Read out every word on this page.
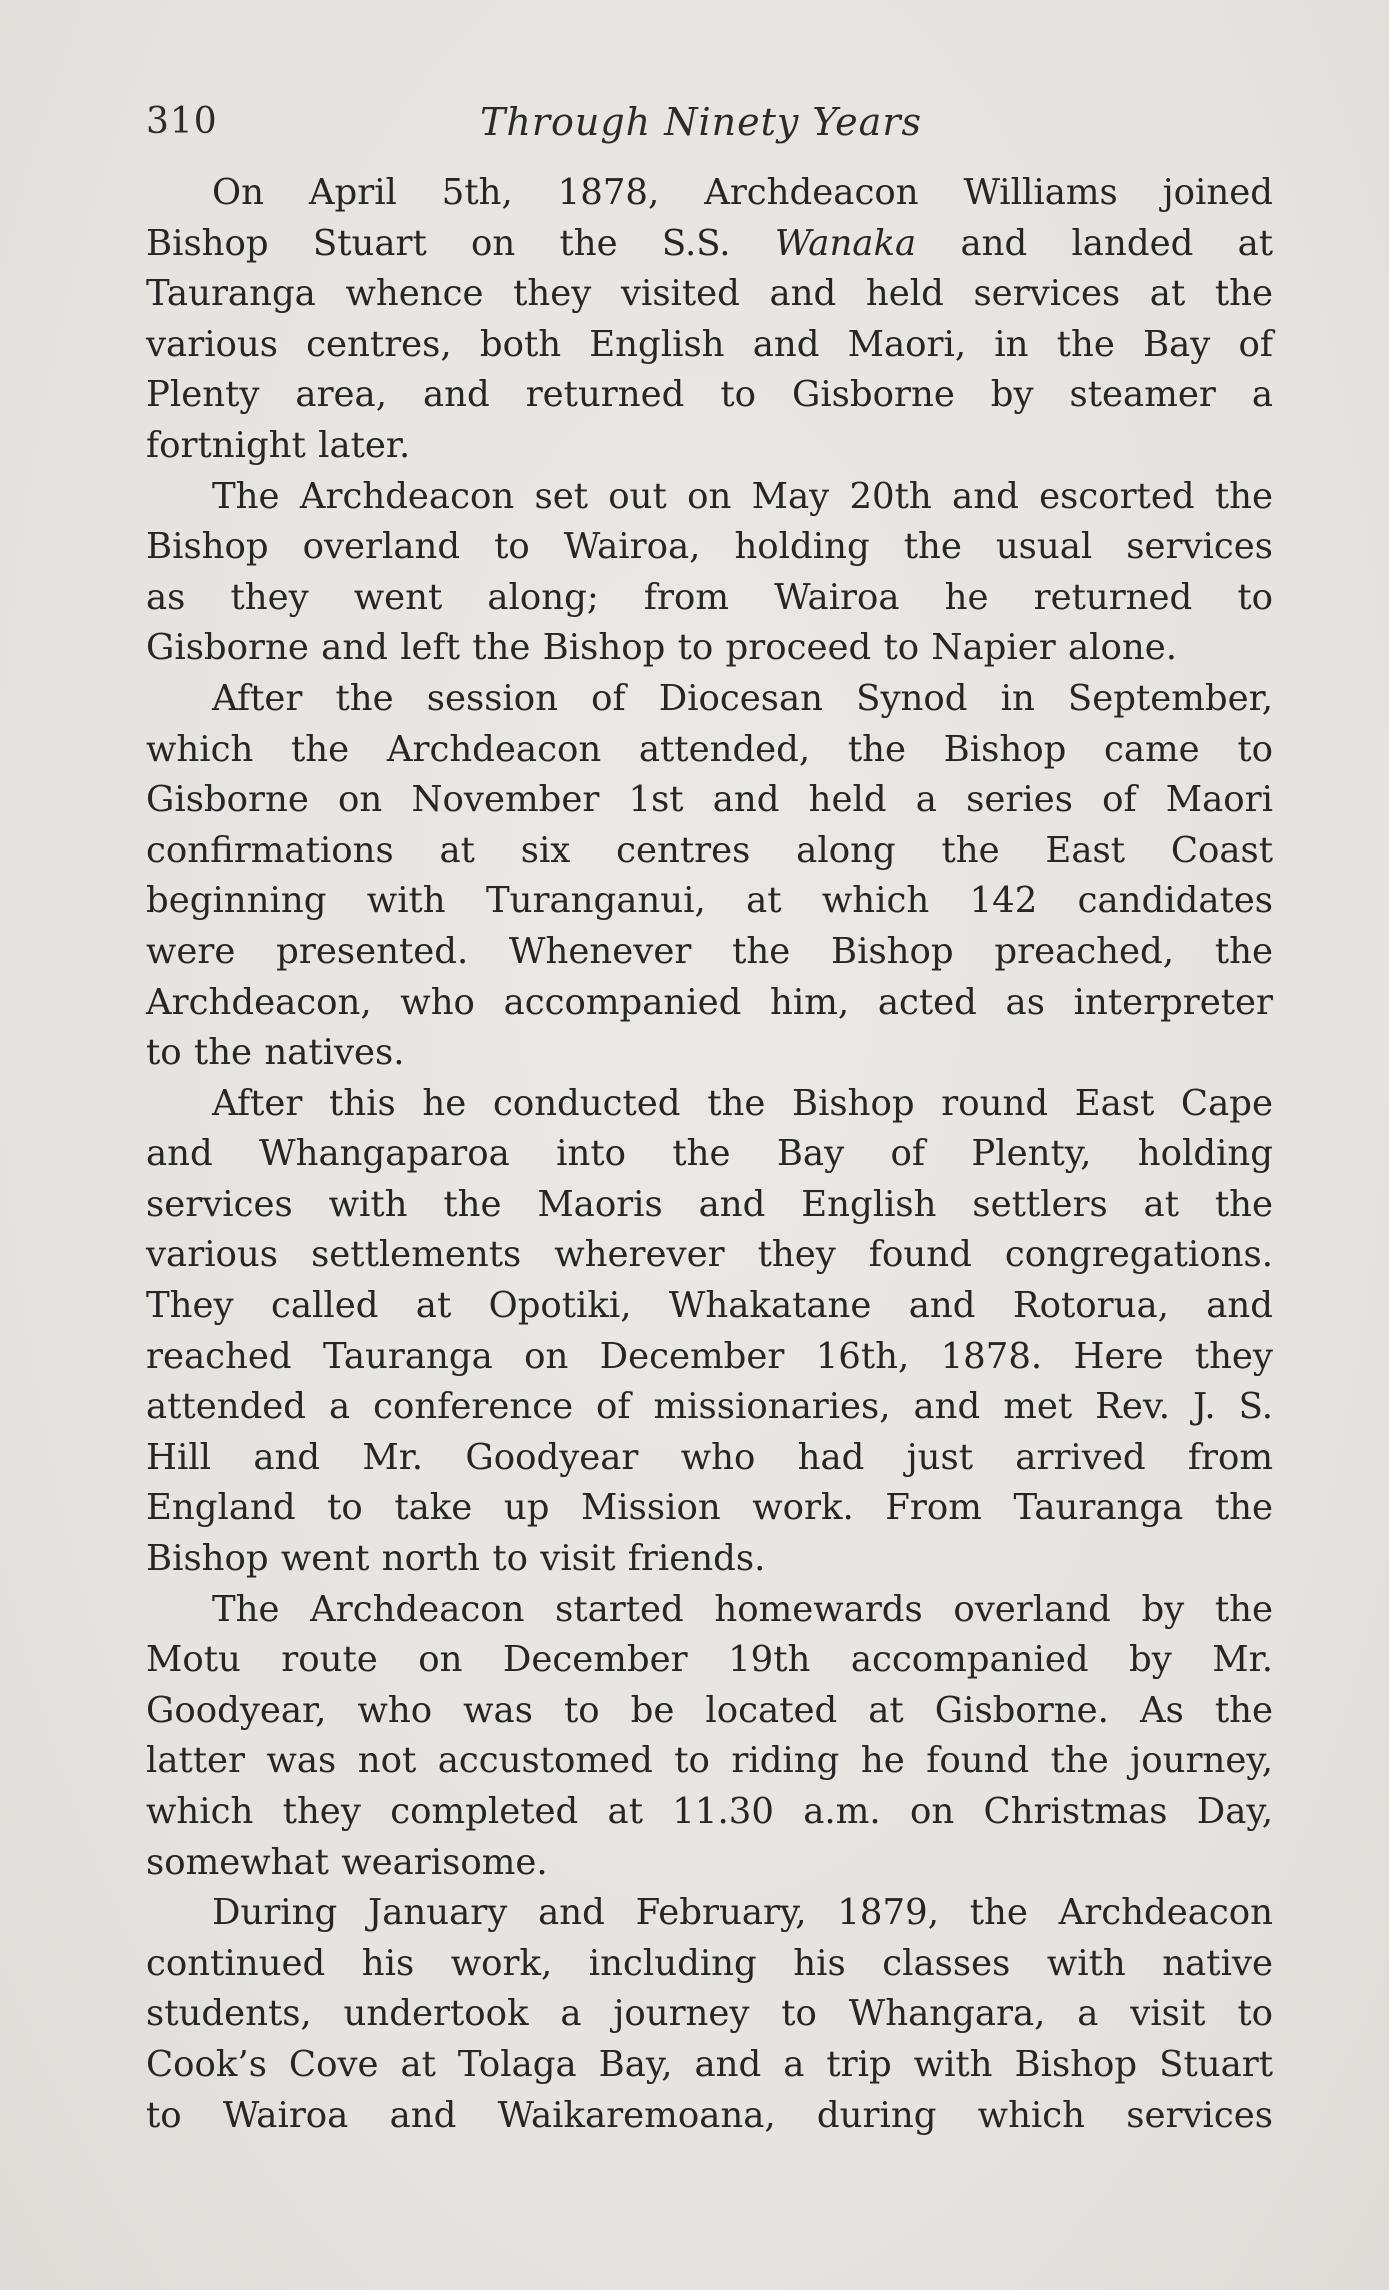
310	Through Ninety Years

On April 5th, 1878, Archdeacon Williams joined
Bishop Stuart on the S.S. Wanaka and landed at
Tauranga whence they visited and held services at the
various centres, both English and Maori, in the Bay of
Plenty area, and returned to Gisborne by steamer a
fortnight later.

The Archdeacon set out on May 20th and escorted the
Bishop overland to Wairoa, holding the usual services
as they went along; from Wairoa he returned to
Gisborne and left the Bishop to proceed to Napier alone.

After the session of Diocesan Synod in September,
which the Archdeacon attended, the Bishop came to
Gisborne on November 1st and held a series of Maori
confirmations at six centres along the East Coast
beginning with Turanganui, at which 142 candidates
were presented. Whenever the Bishop preached, the
Archdeacon, who accompanied him, acted as interpreter
to the natives.

After this he conducted the Bishop round East Cape
and Whangaparoa into the Bay of Plenty, holding
services with the Maoris and English settlers at the
various settlements wherever they found congregations.
They called at Opotiki, Whakatane and Rotorua, and
reached Tauranga on December 16th, 1878. Here they
attended a conference of missionaries, and met Rev. J. S.
Hill and Mr. Goodyear who had just arrived from
England to take up Mission work. From Tauranga the
Bishop went north to visit friends.

The Archdeacon started homewards overland by the
Motu route on December 19th accompanied by Mr.
Goodyear, who was to be located at Gisborne. As the
latter was not accustomed to riding he found the journey,
which they completed at 11.30 a.m. on Christmas Day,
somewhat wearisome.

During January and February, 1879, the Archdeacon
continued his work, including his classes with native
students, undertook a journey to Whangara, a visit to
Cook’s Cove at Tolaga Bay, and a trip with Bishop Stuart
to Wairoa and Waikaremoana, during which services
